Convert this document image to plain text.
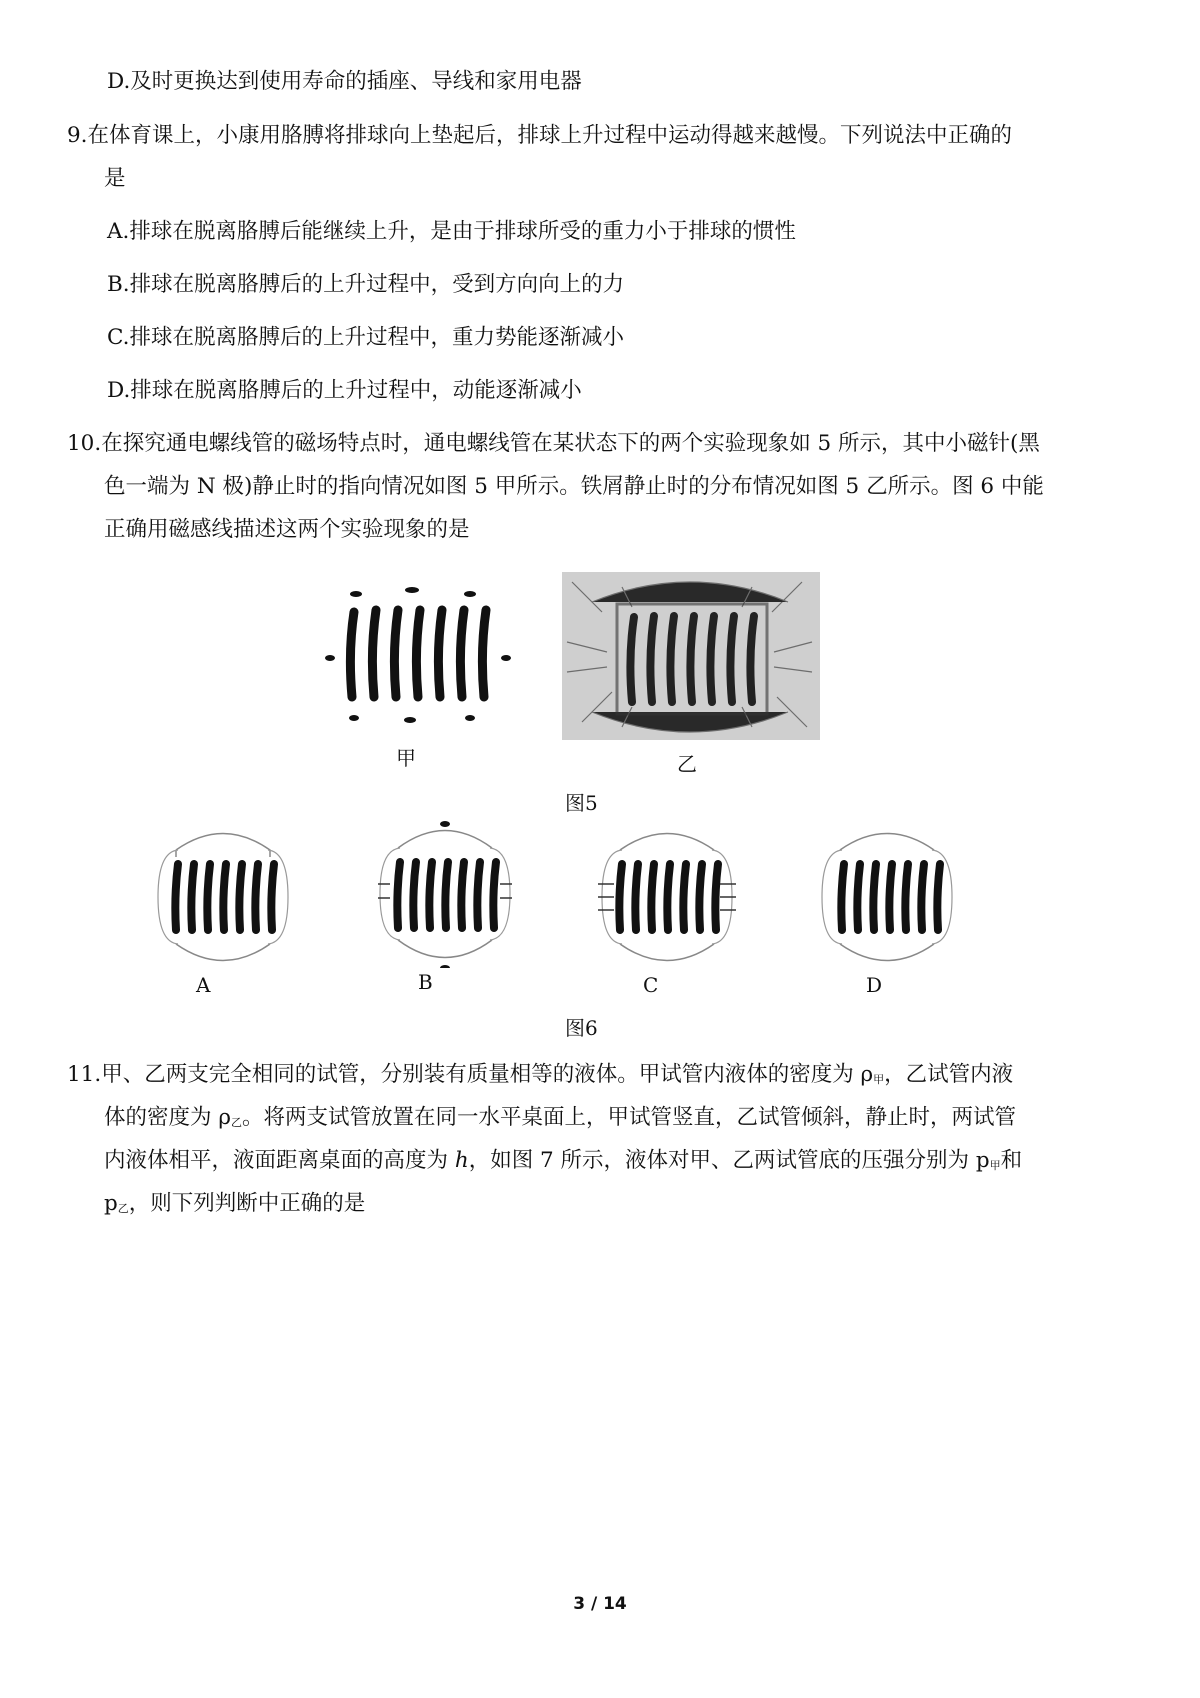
D.及时更换达到使用寿命的插座、导线和家用电器
9.在体育课上，小康用胳膊将排球向上垫起后，排球上升过程中运动得越来越慢。下列说法中正确的
是
A.排球在脱离胳膊后能继续上升，是由于排球所受的重力小于排球的惯性
B.排球在脱离胳膊后的上升过程中，受到方向向上的力
C.排球在脱离胳膊后的上升过程中，重力势能逐渐减小
D.排球在脱离胳膊后的上升过程中，动能逐渐减小
10.在探究通电螺线管的磁场特点时，通电螺线管在某状态下的两个实验现象如 5 所示，其中小磁针(黑
色一端为 N 极)静止时的指向情况如图 5 甲所示。铁屑静止时的分布情况如图 5 乙所示。图 6 中能
正确用磁感线描述这两个实验现象的是
甲	乙
图5
A	B	C	D
图6
11.甲、乙两支完全相同的试管，分别装有质量相等的液体。甲试管内液体的密度为 ρ甲，乙试管内液
体的密度为 ρ乙。将两支试管放置在同一水平桌面上，甲试管竖直，乙试管倾斜，静止时，两试管
内液体相平，液面距离桌面的高度为 h，如图 7 所示，液体对甲、乙两试管底的压强分别为 p甲和
p乙，则下列判断中正确的是
3 / 14
